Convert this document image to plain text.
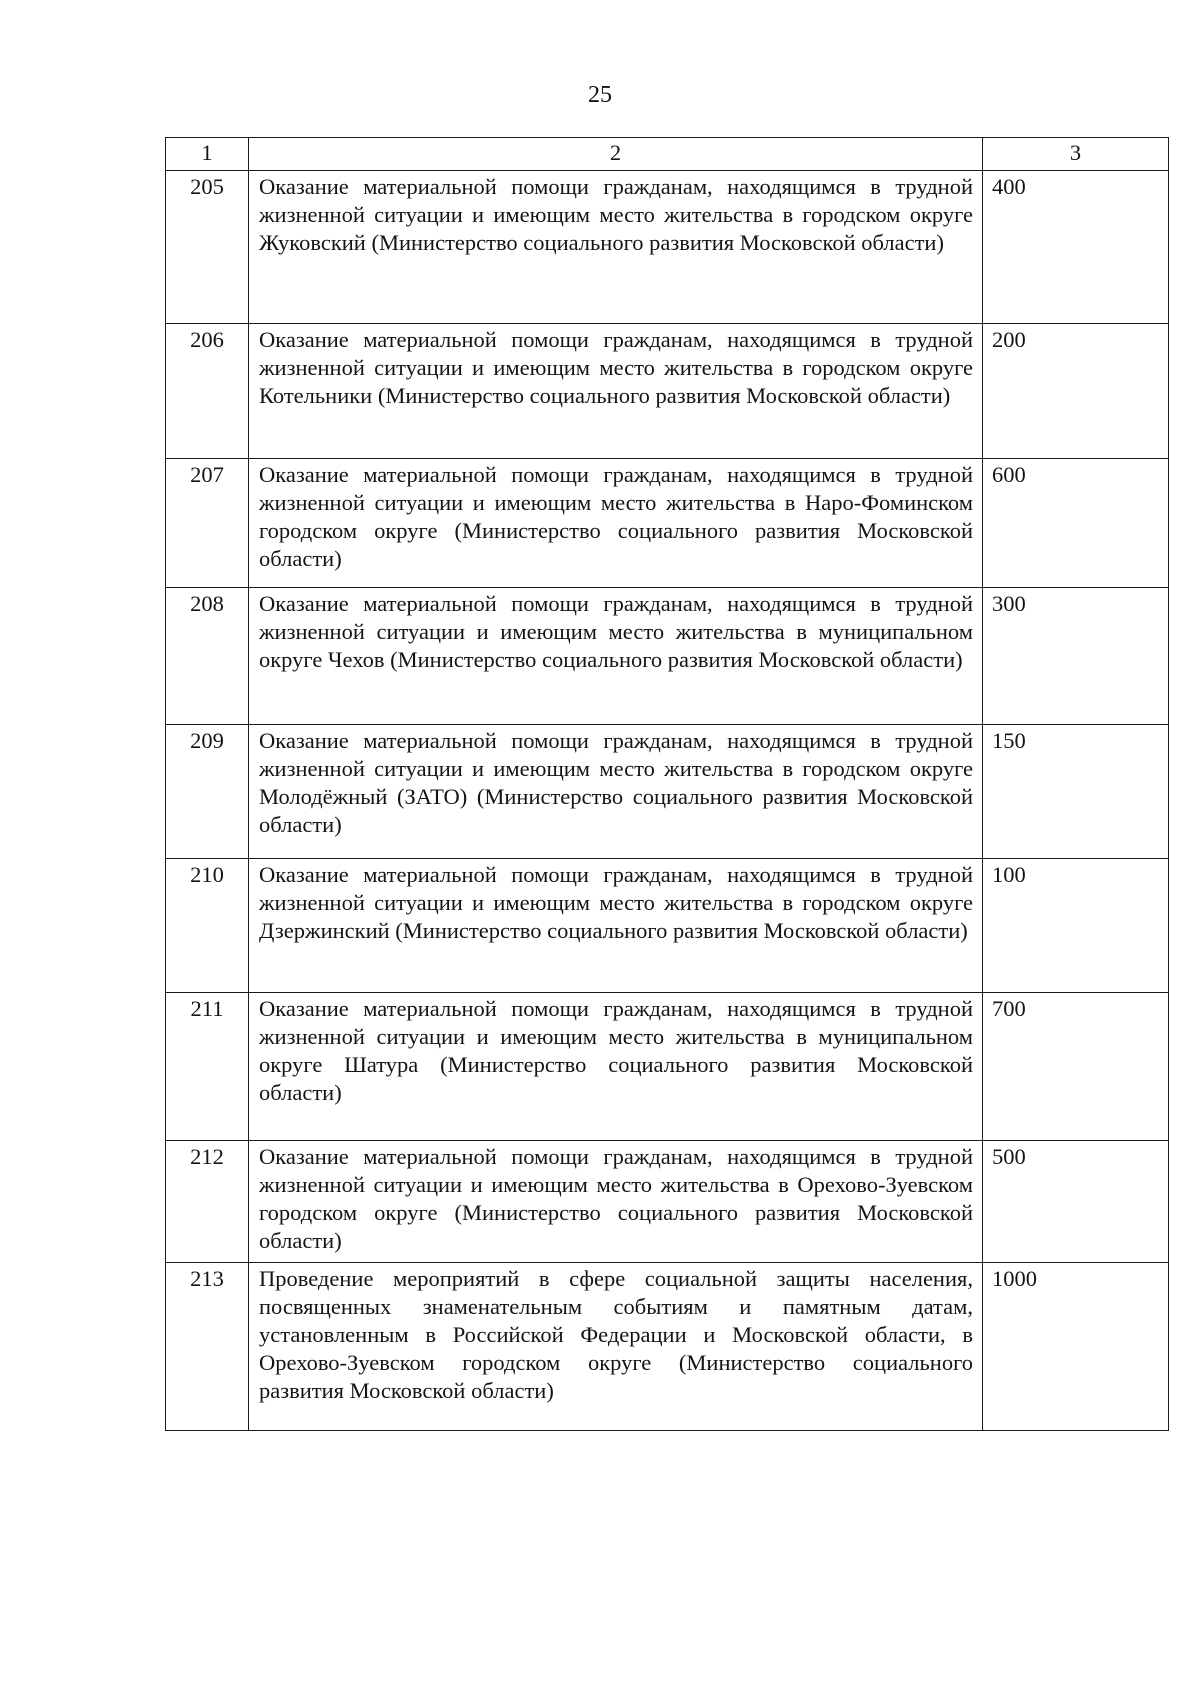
25
1	2	3
205	Оказание материальной помощи гражданам, находящимся в трудной жизненной ситуации и имеющим место жительства в городском округе Жуковский (Министерство социального развития Московской области)	400
206	Оказание материальной помощи гражданам, находящимся в трудной жизненной ситуации и имеющим место жительства в городском округе Котельники (Министерство социального развития Московской области)	200
207	Оказание материальной помощи гражданам, находящимся в трудной жизненной ситуации и имеющим место жительства в Наро-Фоминском городском округе (Министерство социального развития Московской области)	600
208	Оказание материальной помощи гражданам, находящимся в трудной жизненной ситуации и имеющим место жительства в муниципальном округе Чехов (Министерство социального развития Московской области)	300
209	Оказание материальной помощи гражданам, находящимся в трудной жизненной ситуации и имеющим место жительства в городском округе Молодёжный (ЗАТО) (Министерство социального развития Московской области)	150
210	Оказание материальной помощи гражданам, находящимся в трудной жизненной ситуации и имеющим место жительства в городском округе Дзержинский (Министерство социального развития Московской области)	100
211	Оказание материальной помощи гражданам, находящимся в трудной жизненной ситуации и имеющим место жительства в муниципальном округе Шатура (Министерство социального развития Московской области)	700
212	Оказание материальной помощи гражданам, находящимся в трудной жизненной ситуации и имеющим место жительства в Орехово-Зуевском городском округе (Министерство социального развития Московской области)	500
213	Проведение мероприятий в сфере социальной защиты населения, посвященных знаменательным событиям и памятным датам, установленным в Российской Федерации и Московской области, в Орехово-Зуевском городском округе (Министерство социального развития Московской области)	1000
